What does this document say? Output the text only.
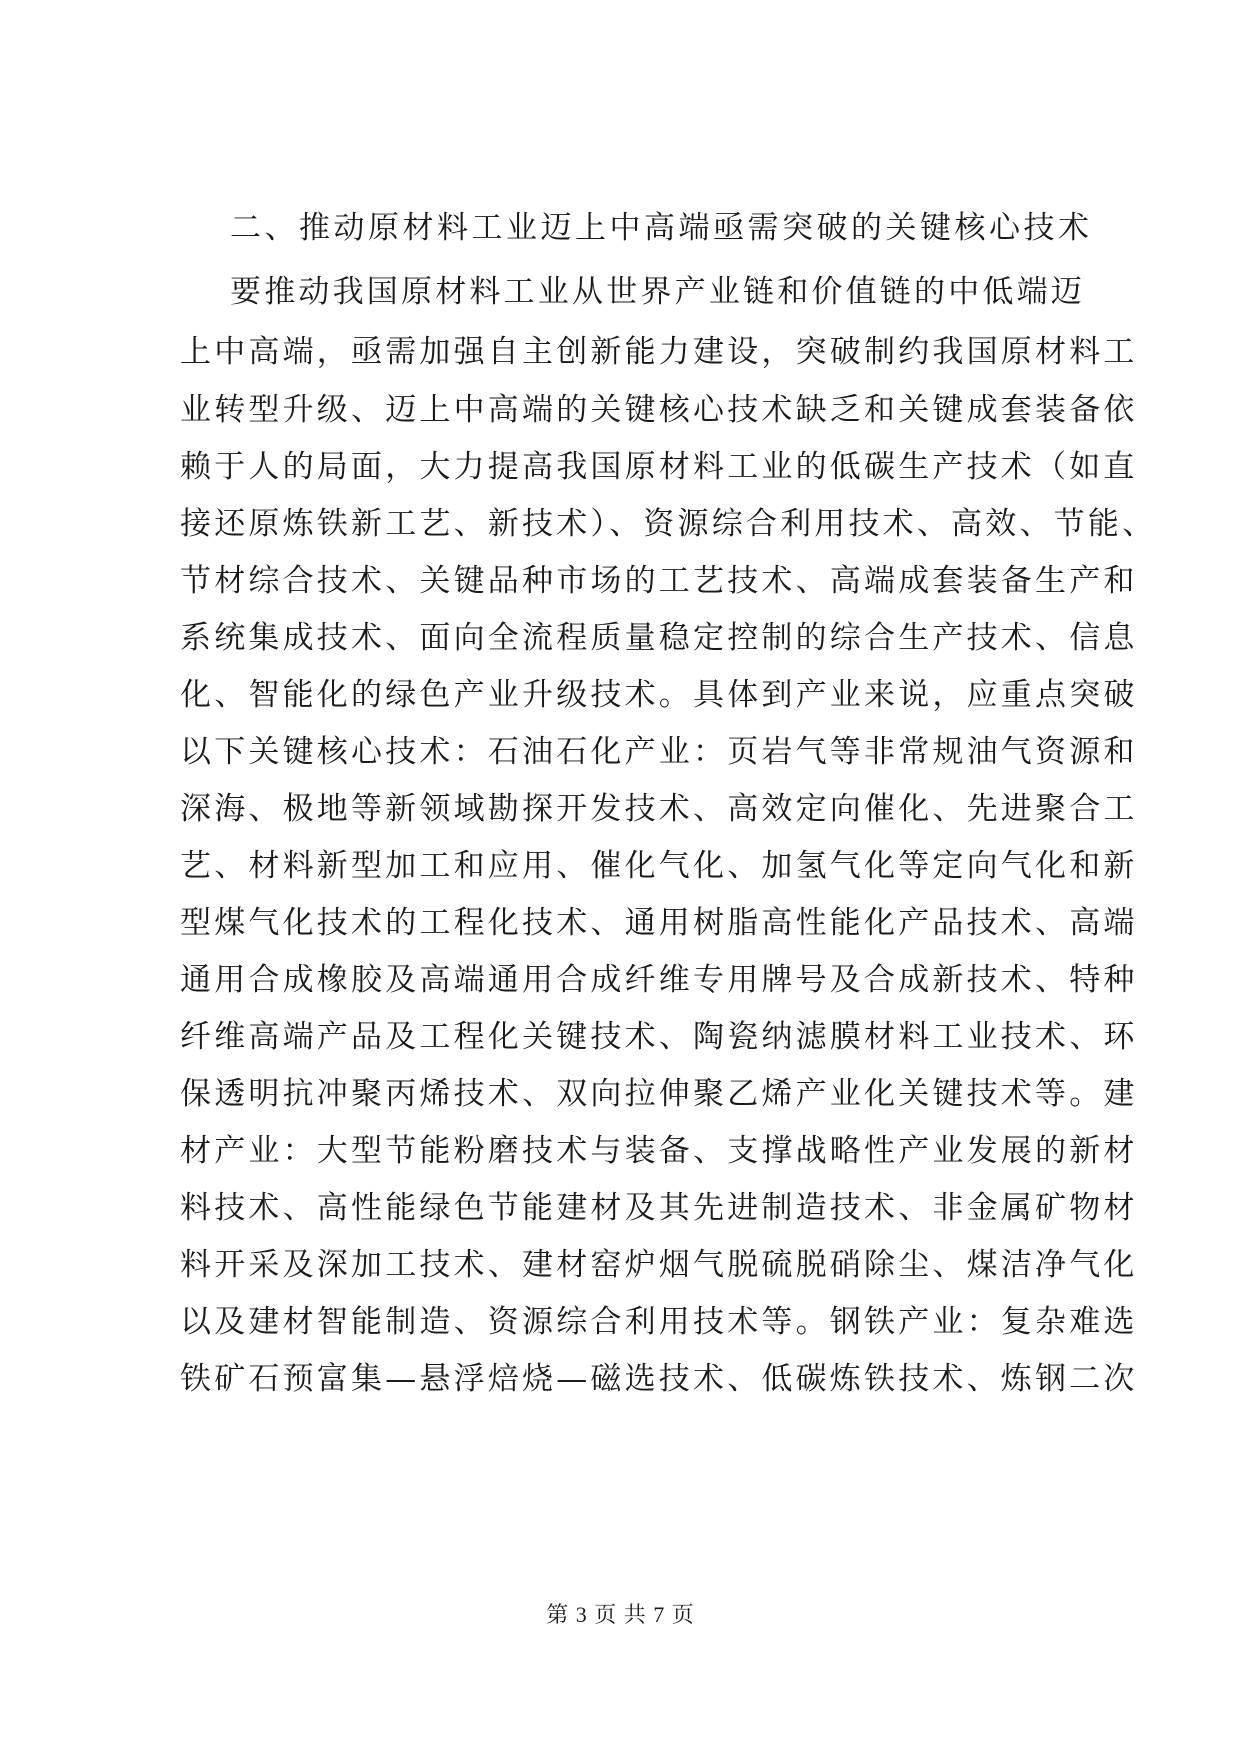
二、推动原材料工业迈上中高端亟需突破的关键核心技术
要推动我国原材料工业从世界产业链和价值链的中低端迈
上中高端，亟需加强自主创新能力建设，突破制约我国原材料工
业转型升级、迈上中高端的关键核心技术缺乏和关键成套装备依
赖于人的局面，大力提高我国原材料工业的低碳生产技术（如直
接还原炼铁新工艺、新技术）、资源综合利用技术、高效、节能、
节材综合技术、关键品种市场的工艺技术、高端成套装备生产和
系统集成技术、面向全流程质量稳定控制的综合生产技术、信息
化、智能化的绿色产业升级技术。具体到产业来说，应重点突破
以下关键核心技术：石油石化产业：页岩气等非常规油气资源和
深海、极地等新领域勘探开发技术、高效定向催化、先进聚合工
艺、材料新型加工和应用、催化气化、加氢气化等定向气化和新
型煤气化技术的工程化技术、通用树脂高性能化产品技术、高端
通用合成橡胶及高端通用合成纤维专用牌号及合成新技术、特种
纤维高端产品及工程化关键技术、陶瓷纳滤膜材料工业技术、环
保透明抗冲聚丙烯技术、双向拉伸聚乙烯产业化关键技术等。建
材产业：大型节能粉磨技术与装备、支撑战略性产业发展的新材
料技术、高性能绿色节能建材及其先进制造技术、非金属矿物材
料开采及深加工技术、建材窑炉烟气脱硫脱硝除尘、煤洁净气化
以及建材智能制造、资源综合利用技术等。钢铁产业：复杂难选
铁矿石预富集—悬浮焙烧—磁选技术、低碳炼铁技术、炼钢二次
第 3 页 共 7 页
